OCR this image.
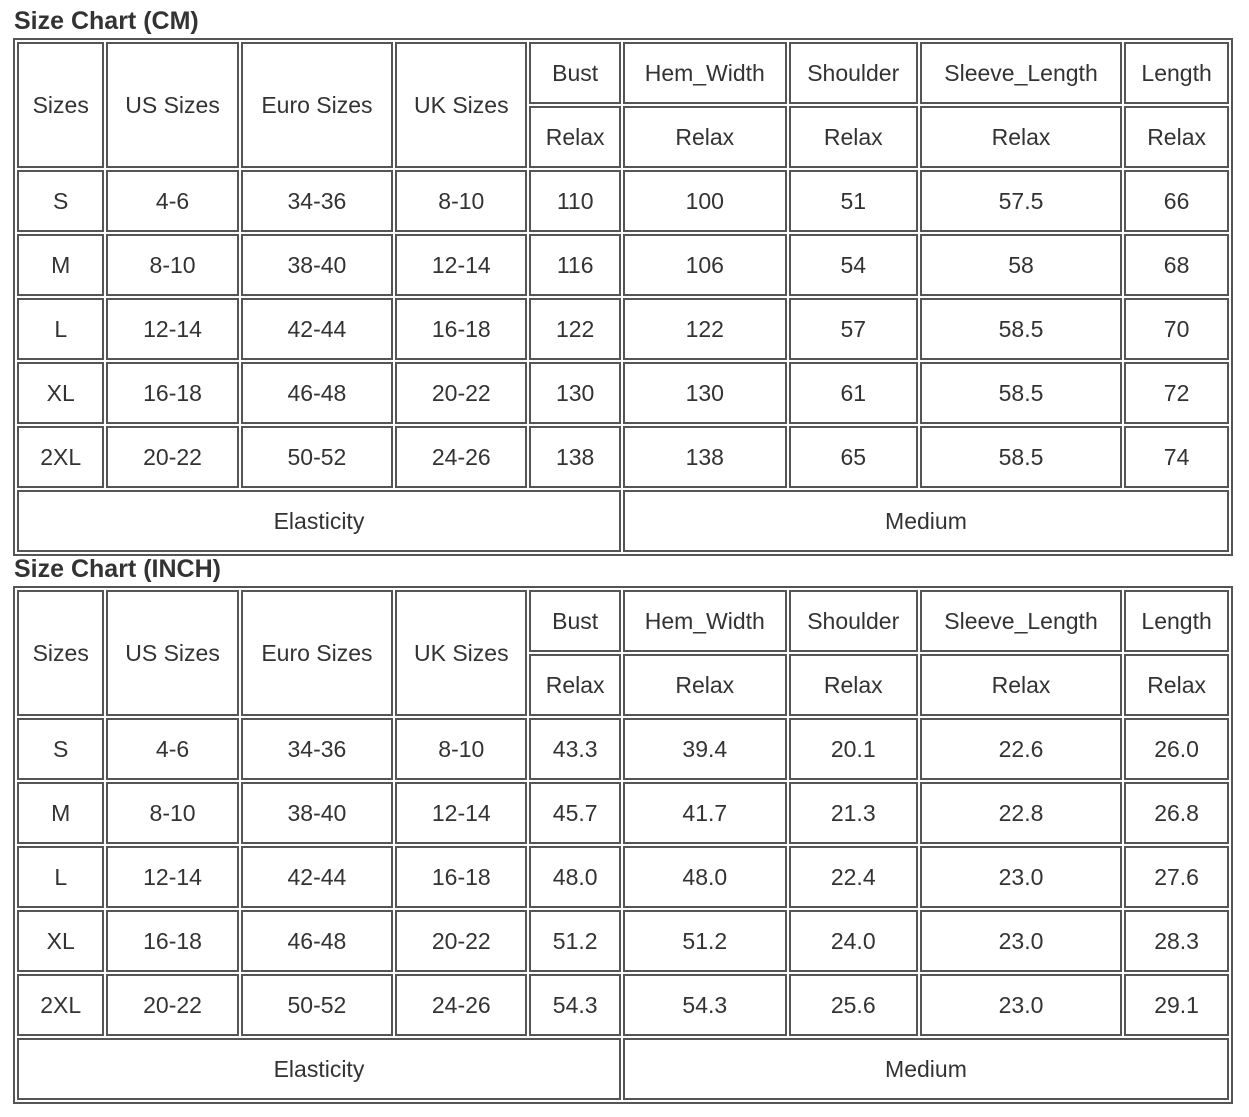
Size Chart (CM)
Sizes	US Sizes	Euro Sizes	UK Sizes	Bust	Hem_Width	Shoulder	Sleeve_Length	Length
				Relax	Relax	Relax	Relax	Relax
S	4-6	34-36	8-10	110	100	51	57.5	66
M	8-10	38-40	12-14	116	106	54	58	68
L	12-14	42-44	16-18	122	122	57	58.5	70
XL	16-18	46-48	20-22	130	130	61	58.5	72
2XL	20-22	50-52	24-26	138	138	65	58.5	74
Elasticity					Medium			
Size Chart (INCH)
Sizes	US Sizes	Euro Sizes	UK Sizes	Bust	Hem_Width	Shoulder	Sleeve_Length	Length
				Relax	Relax	Relax	Relax	Relax
S	4-6	34-36	8-10	43.3	39.4	20.1	22.6	26.0
M	8-10	38-40	12-14	45.7	41.7	21.3	22.8	26.8
L	12-14	42-44	16-18	48.0	48.0	22.4	23.0	27.6
XL	16-18	46-48	20-22	51.2	51.2	24.0	23.0	28.3
2XL	20-22	50-52	24-26	54.3	54.3	25.6	23.0	29.1
Elasticity					Medium			
